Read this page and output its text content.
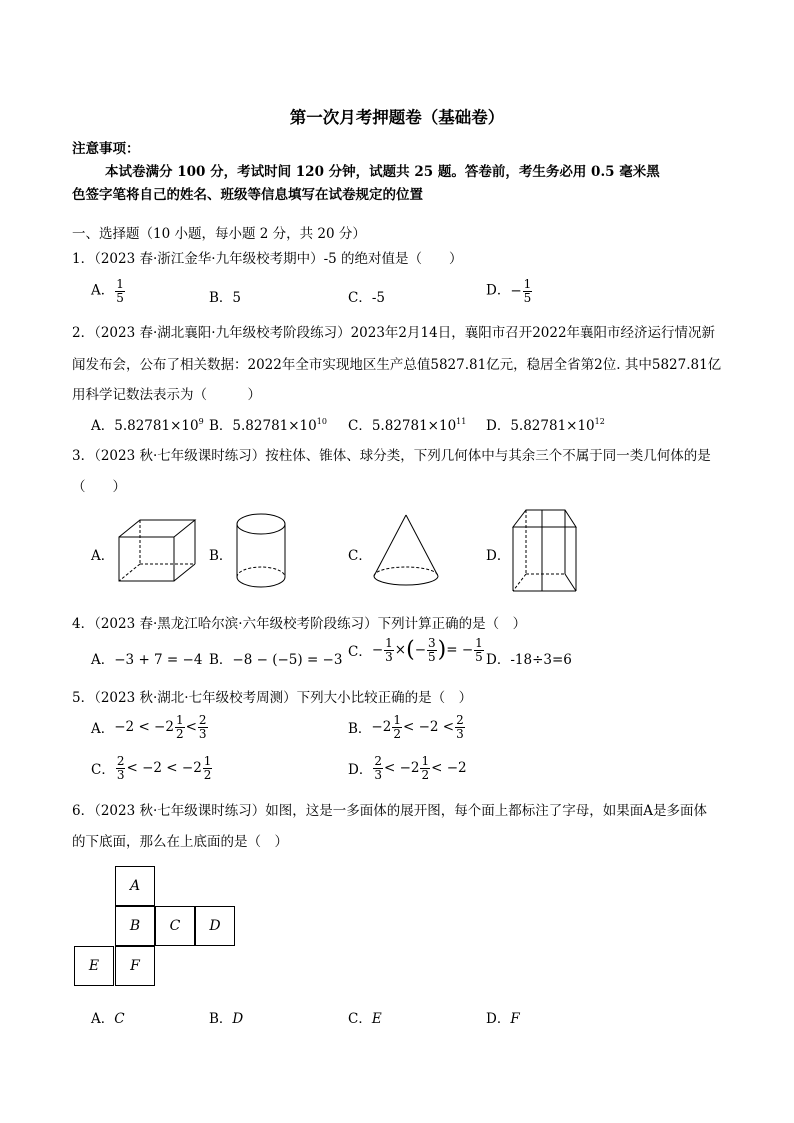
第一次月考押题卷（基础卷）
注意事项：
本试卷满分 100 分，考试时间 120 分钟，试题共 25 题。答卷前，考生务必用 0.5 毫米黑
色签字笔将自己的姓名、班级等信息填写在试卷规定的位置
一、选择题（10 小题，每小题 2 分，共 20 分）
1．（2023 春·浙江金华·九年级校考期中）-5 的绝对值是（　　）
A． $\frac{1}{5}$	B．5	C．-5	D．− $\frac{1}{5}$
2．（2023 春·湖北襄阳·九年级校考阶段练习）2023年2月14日，襄阳市召开2022年襄阳市经济运行情况新
闻发布会，公布了相关数据：2022年全市实现地区生产总值5827.81亿元，稳居全省第2位. 其中5827.81亿
用科学记数法表示为（　　　）
A．$5.82781\times 10^9$ B．$5.82781\times 10^{10}$ C．$5.82781\times 10^{11}$ D．$5.82781\times 10^{12}$
3．（2023 秋·七年级课时练习）按柱体、锥体、球分类，下列几何体中与其余三个不属于同一类几何体的是
（　　）
A．	B．	C．	D．
4．（2023 春·黑龙江哈尔滨·六年级校考阶段练习）下列计算正确的是（　）
A．−3 + 7 = −4 B．−8 − (−5) = −3 C．− $\frac{1}{3}$ ×(− $\frac{3}{5}$ )= − $\frac{1}{5}$ D．-18÷3=6
5．（2023 秋·湖北·七年级校考周测）下列大小比较正确的是（　）
A．$-2 < -2 \frac{1}{2} < \frac{2}{3}$	B．$-2 \frac{1}{2} < -2 < \frac{2}{3}$
C． $\frac{2}{3} < -2 < -2 \frac{1}{2}$	D． $\frac{2}{3} < -2 \frac{1}{2} < -2$
6．（2023 秋·七年级课时练习）如图，这是一多面体的展开图，每个面上都标注了字母，如果面A是多面体
的下底面，那么在上底面的是（　）
A
B	C	D
E	F
A．C	B．D	C．E	D．F
